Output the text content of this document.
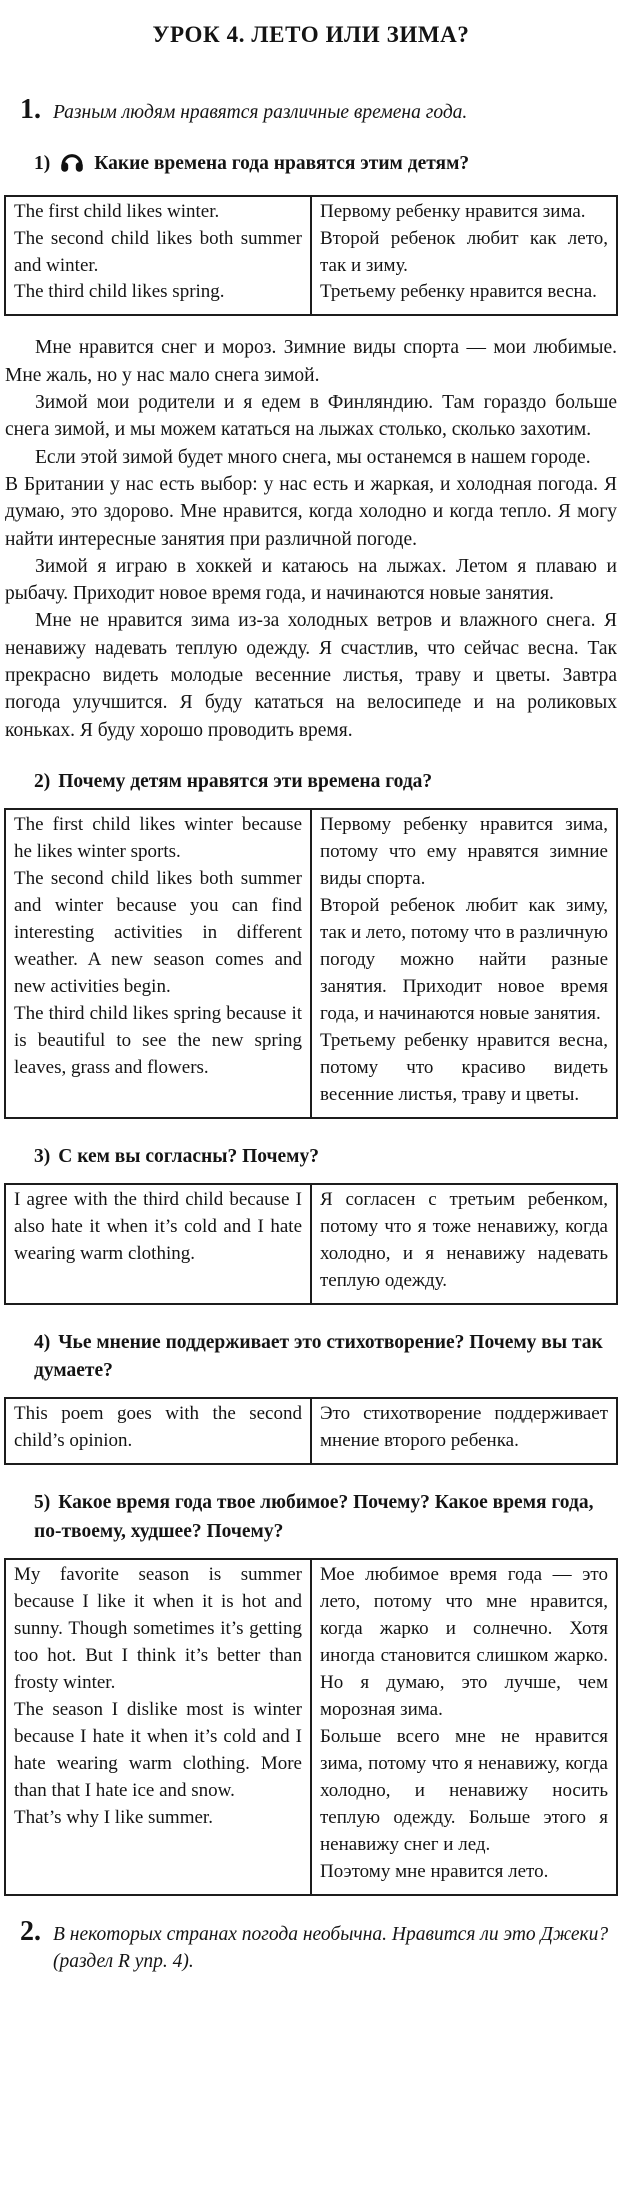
УРОК 4. ЛЕТО ИЛИ ЗИМА?
1. Разным людям нравятся различные времена года.
1) Какие времена года нравятся этим детям?
The first child likes winter.
The second child likes both summer and winter.
The third child likes spring.

Первому ребенку нравится зима.
Второй ребенок любит как лето, так и зиму.
Третьему ребенку нравится весна.

Мне нравится снег и мороз. Зимние виды спорта — мои любимые. Мне жаль, но у нас мало снега зимой.

Зимой мои родители и я едем в Финляндию. Там гораздо больше снега зимой, и мы можем кататься на лыжах столько, сколько захотим.

Если этой зимой будет много снега, мы останемся в нашем городе.

В Британии у нас есть выбор: у нас есть и жаркая, и холодная погода. Я думаю, это здорово. Мне нравится, когда холодно и когда тепло. Я могу найти интересные занятия при различной погоде.

Зимой я играю в хоккей и катаюсь на лыжах. Летом я плаваю и рыбачу. Приходит новое время года, и начинаются новые занятия.

Мне не нравится зима из-за холодных ветров и влажного снега. Я ненавижу надевать теплую одежду. Я счастлив, что сейчас весна. Так прекрасно видеть молодые весенние листья, траву и цветы. Завтра погода улучшится. Я буду кататься на велосипеде и на роликовых коньках. Я буду хорошо проводить время.

2) Почему детям нравятся эти времена года?
The first child likes winter because he likes winter sports.
The second child likes both summer and winter because you can find interesting activities in different weather. A new season comes and new activities begin.
The third child likes spring because it is beautiful to see the new spring leaves, grass and flowers.

Первому ребенку нравится зима, потому что ему нравятся зимние виды спорта.
Второй ребенок любит как зиму, так и лето, потому что в различную погоду можно найти разные занятия. Приходит новое время года, и начинаются новые занятия.
Третьему ребенку нравится весна, потому что красиво видеть весенние листья, траву и цветы.
3) С кем вы согласны? Почему?
I agree with the third child because I also hate it when it’s cold and I hate wearing warm clothing.

Я согласен с третьим ребенком, потому что я тоже ненавижу, когда холодно, и я ненавижу надевать теплую одежду.
4) Чье мнение поддерживает это стихотворение? Почему вы так думаете?
This poem goes with the second child’s opinion.

Это стихотворение поддерживает мнение второго ребенка.
5) Какое время года твое любимое? Почему? Какое время года, по-твоему, худшее? Почему?
My favorite season is summer because I like it when it is hot and sunny. Though sometimes it’s getting too hot. But I think it’s better than frosty winter.
The season I dislike most is winter because I hate it when it’s cold and I hate wearing warm clothing. More than that I hate ice and snow.
That’s why I like summer.

Мое любимое время года — это лето, потому что мне нравится, когда жарко и солнечно. Хотя иногда становится слишком жарко. Но я думаю, это лучше, чем морозная зима.
Больше всего мне не нравится зима, потому что я ненавижу, когда холодно, и ненавижу носить теплую одежду. Больше этого я ненавижу снег и лед.
Поэтому мне нравится лето.
2. В некоторых странах погода необычна. Нравится ли это Джеки? (раздел R упр. 4).
